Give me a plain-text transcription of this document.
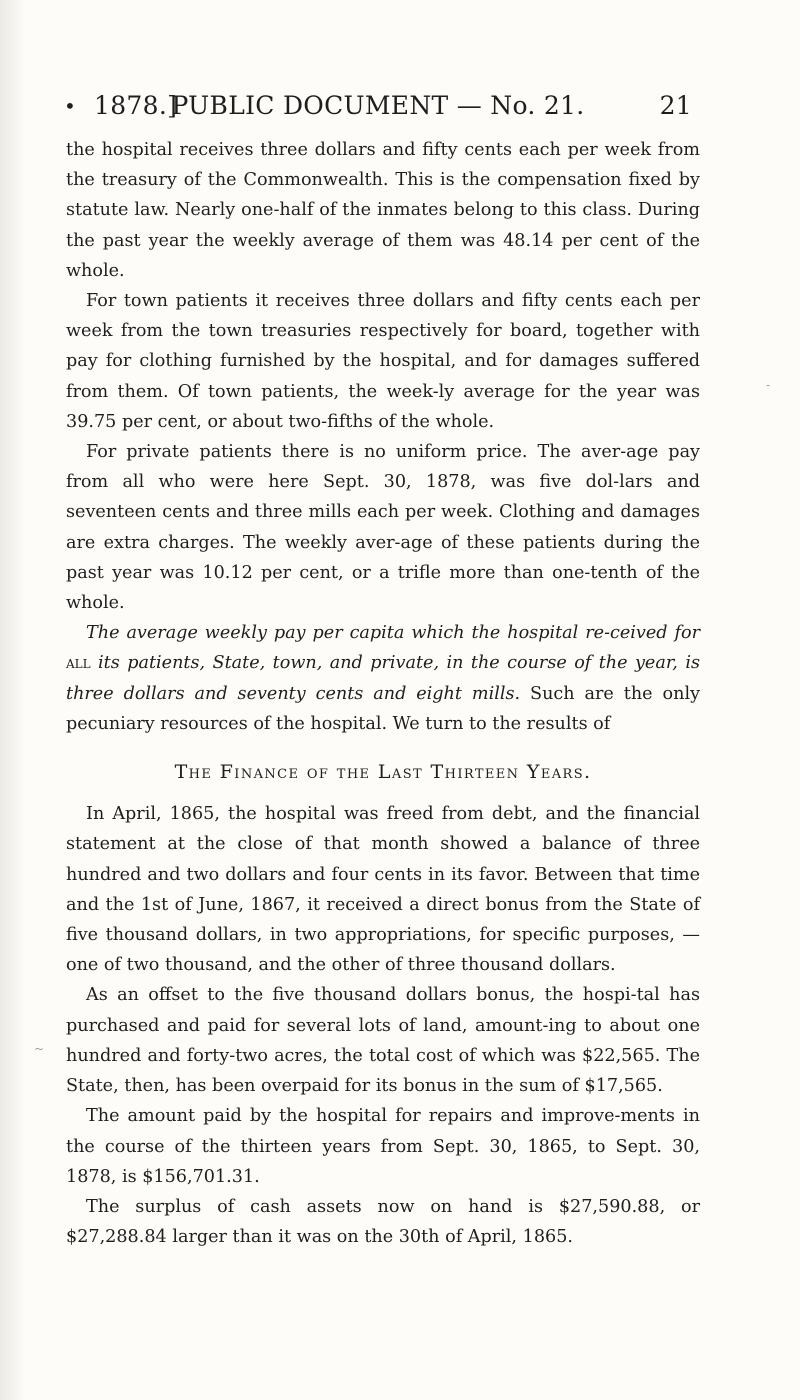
• 1878.]
PUBLIC DOCUMENT — No. 21.	21

the hospital receives three dollars and fifty cents each per week from the treasury of the Commonwealth. This is the compensation fixed by statute law. Nearly one-half of the inmates belong to this class. During the past year the weekly average of them was 48.14 per cent of the whole.

For town patients it receives three dollars and fifty cents each per week from the town treasuries respectively for board, together with pay for clothing furnished by the hospital, and for damages suffered from them. Of town patients, the week-ly average for the year was 39.75 per cent, or about two-fifths of the whole.

For private patients there is no uniform price. The aver-age pay from all who were here Sept. 30, 1878, was five dol-lars and seventeen cents and three mills each per week. Clothing and damages are extra charges. The weekly aver-age of these patients during the past year was 10.12 per cent, or a trifle more than one-tenth of the whole.

The average weekly pay per capita which the hospital re-ceived for all its patients, State, town, and private, in the course of the year, is three dollars and seventy cents and eight mills. Such are the only pecuniary resources of the hospital. We turn to the results of

The Finance of the Last Thirteen Years.

In April, 1865, the hospital was freed from debt, and the financial statement at the close of that month showed a balance of three hundred and two dollars and four cents in its favor. Between that time and the 1st of June, 1867, it received a direct bonus from the State of five thousand dollars, in two appropriations, for specific purposes, — one of two thousand, and the other of three thousand dollars.

As an offset to the five thousand dollars bonus, the hospi-tal has purchased and paid for several lots of land, amount-ing to about one hundred and forty-two acres, the total cost of which was $22,565. The State, then, has been overpaid for its bonus in the sum of $17,565.

The amount paid by the hospital for repairs and improve-ments in the course of the thirteen years from Sept. 30, 1865, to Sept. 30, 1878, is $156,701.31.

The surplus of cash assets now on hand is $27,590.88, or $27,288.84 larger than it was on the 30th of April, 1865.

-
~
